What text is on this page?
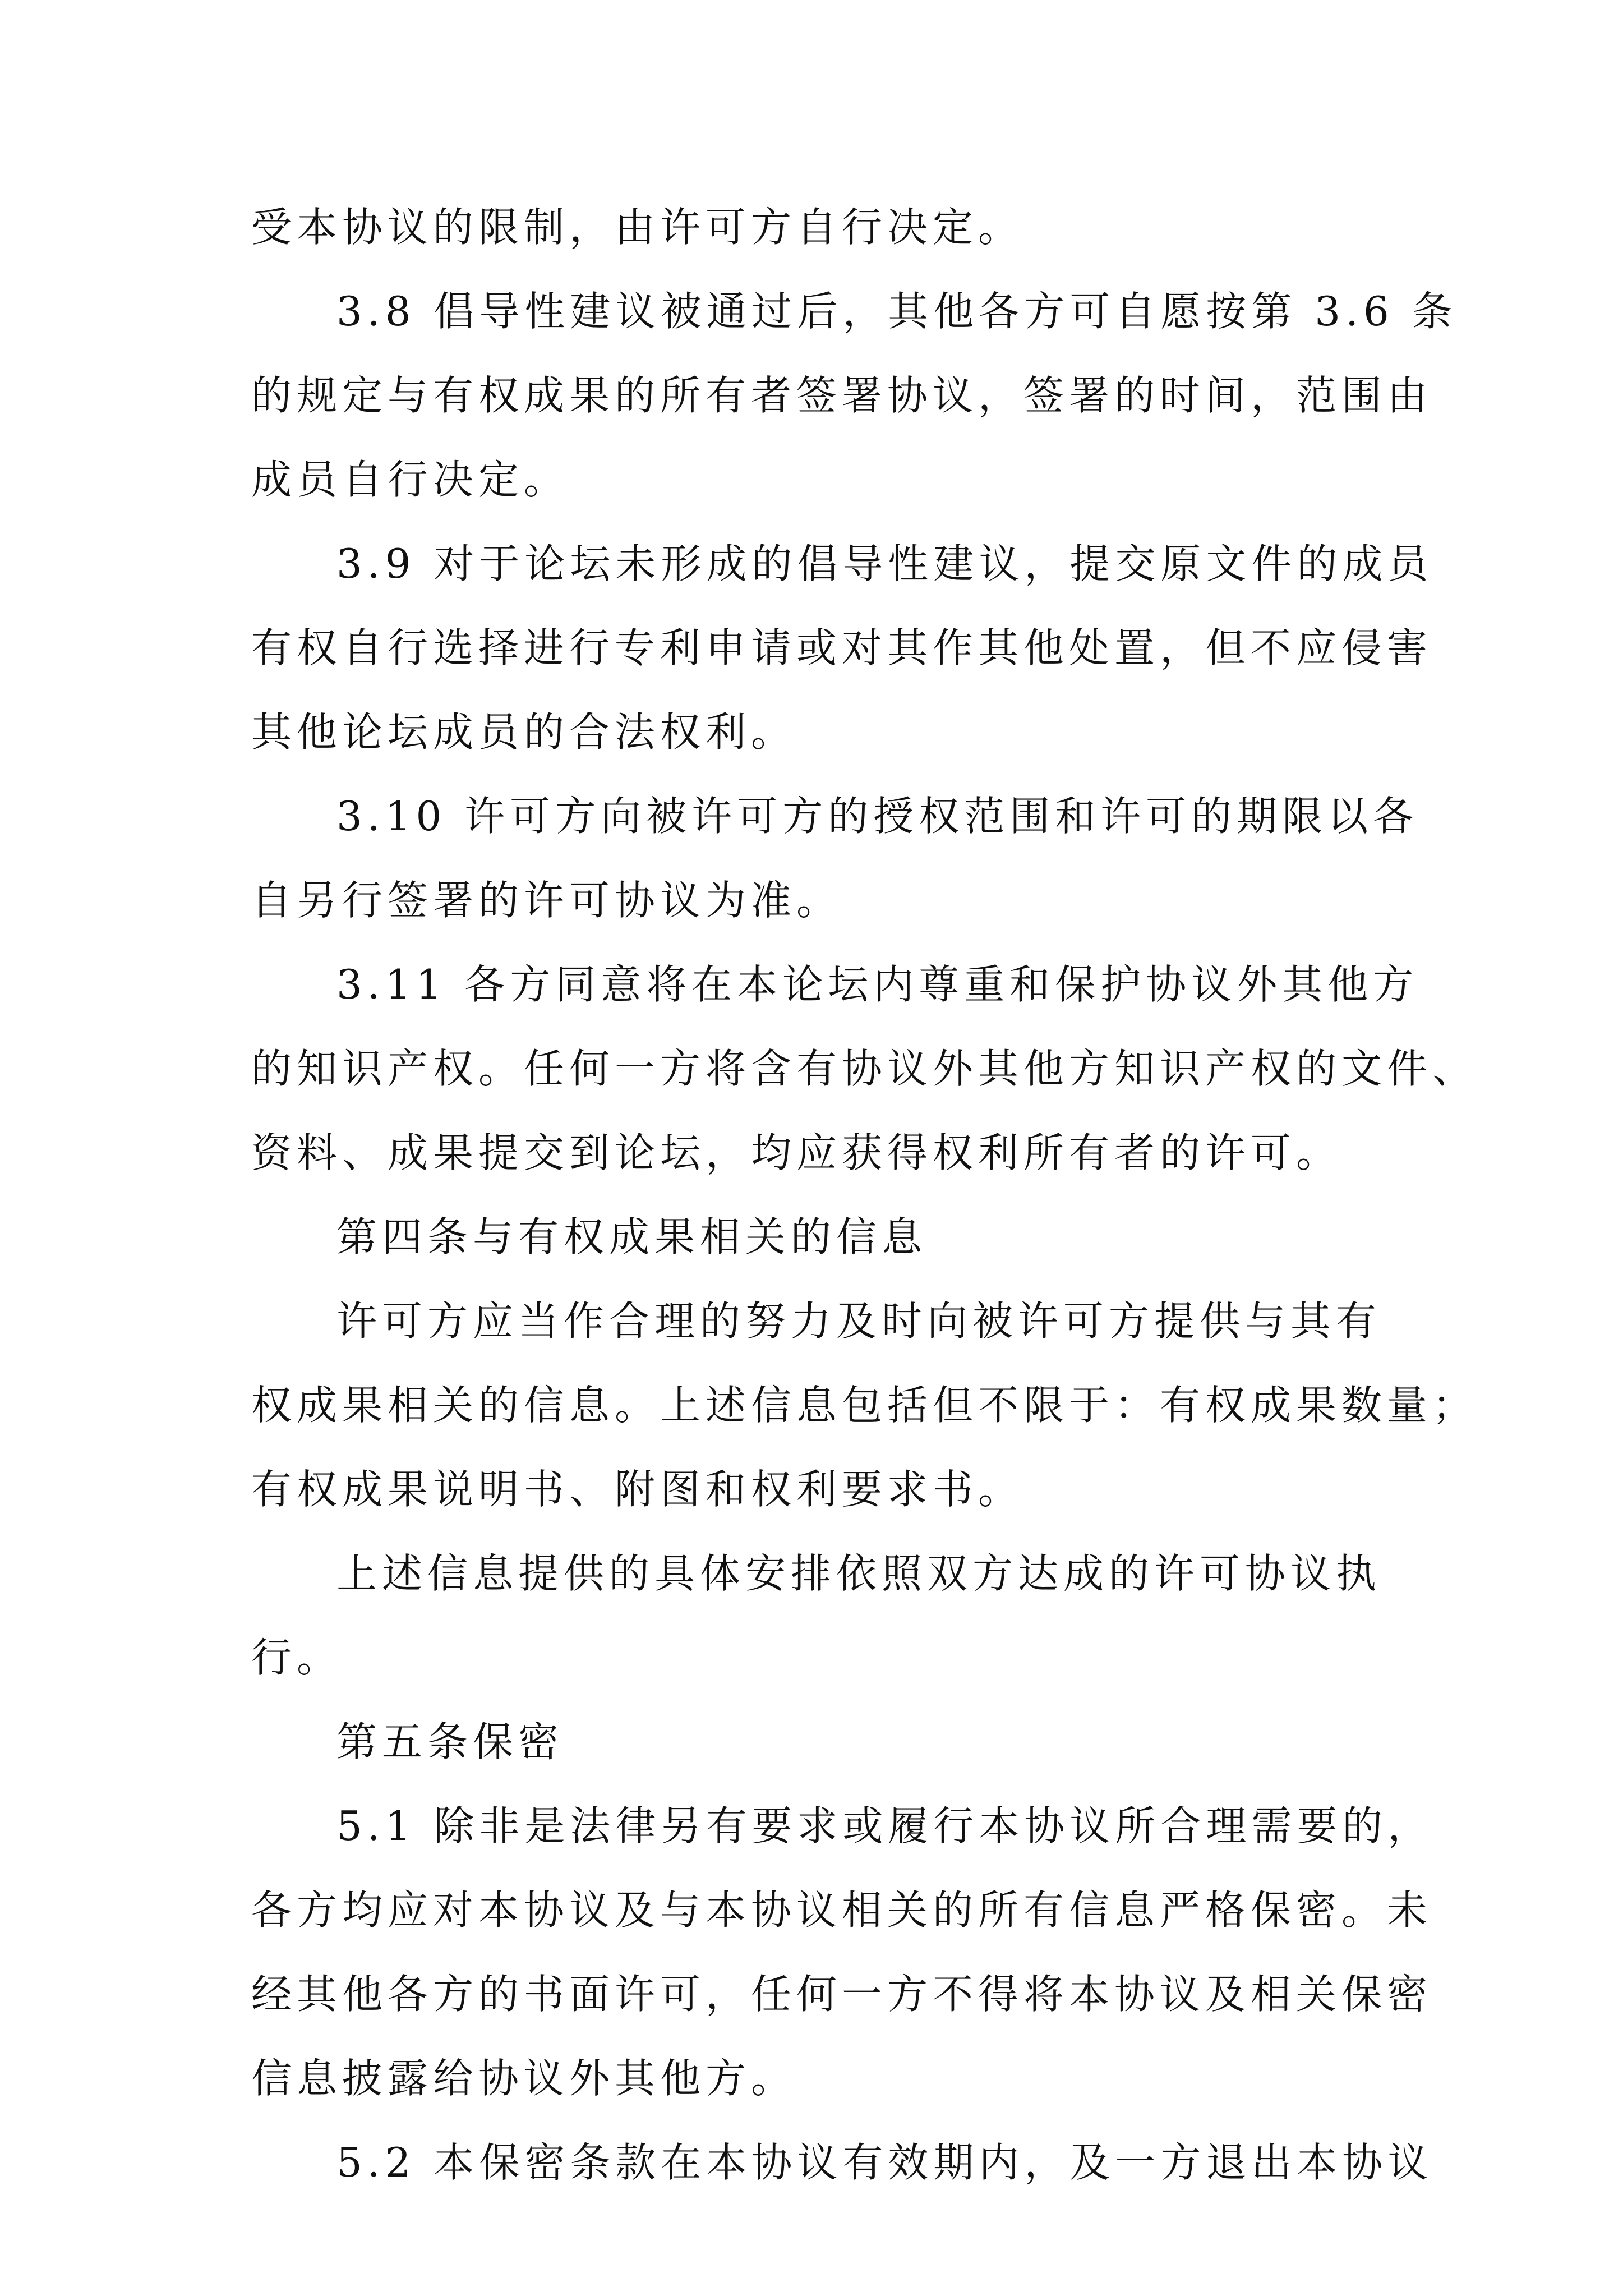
受本协议的限制，由许可方自行决定。
3.8 倡导性建议被通过后，其他各方可自愿按第 3.6 条
的规定与有权成果的所有者签署协议，签署的时间，范围由
成员自行决定。
3.9 对于论坛未形成的倡导性建议，提交原文件的成员
有权自行选择进行专利申请或对其作其他处置，但不应侵害
其他论坛成员的合法权利。
3.10 许可方向被许可方的授权范围和许可的期限以各
自另行签署的许可协议为准。
3.11 各方同意将在本论坛内尊重和保护协议外其他方
的知识产权。任何一方将含有协议外其他方知识产权的文件、
资料、成果提交到论坛，均应获得权利所有者的许可。
第四条与有权成果相关的信息
许可方应当作合理的努力及时向被许可方提供与其有
权成果相关的信息。上述信息包括但不限于：有权成果数量；
有权成果说明书、附图和权利要求书。
上述信息提供的具体安排依照双方达成的许可协议执
行。
第五条保密
5.1 除非是法律另有要求或履行本协议所合理需要的，
各方均应对本协议及与本协议相关的所有信息严格保密。未
经其他各方的书面许可，任何一方不得将本协议及相关保密
信息披露给协议外其他方。
5.2 本保密条款在本协议有效期内，及一方退出本协议
